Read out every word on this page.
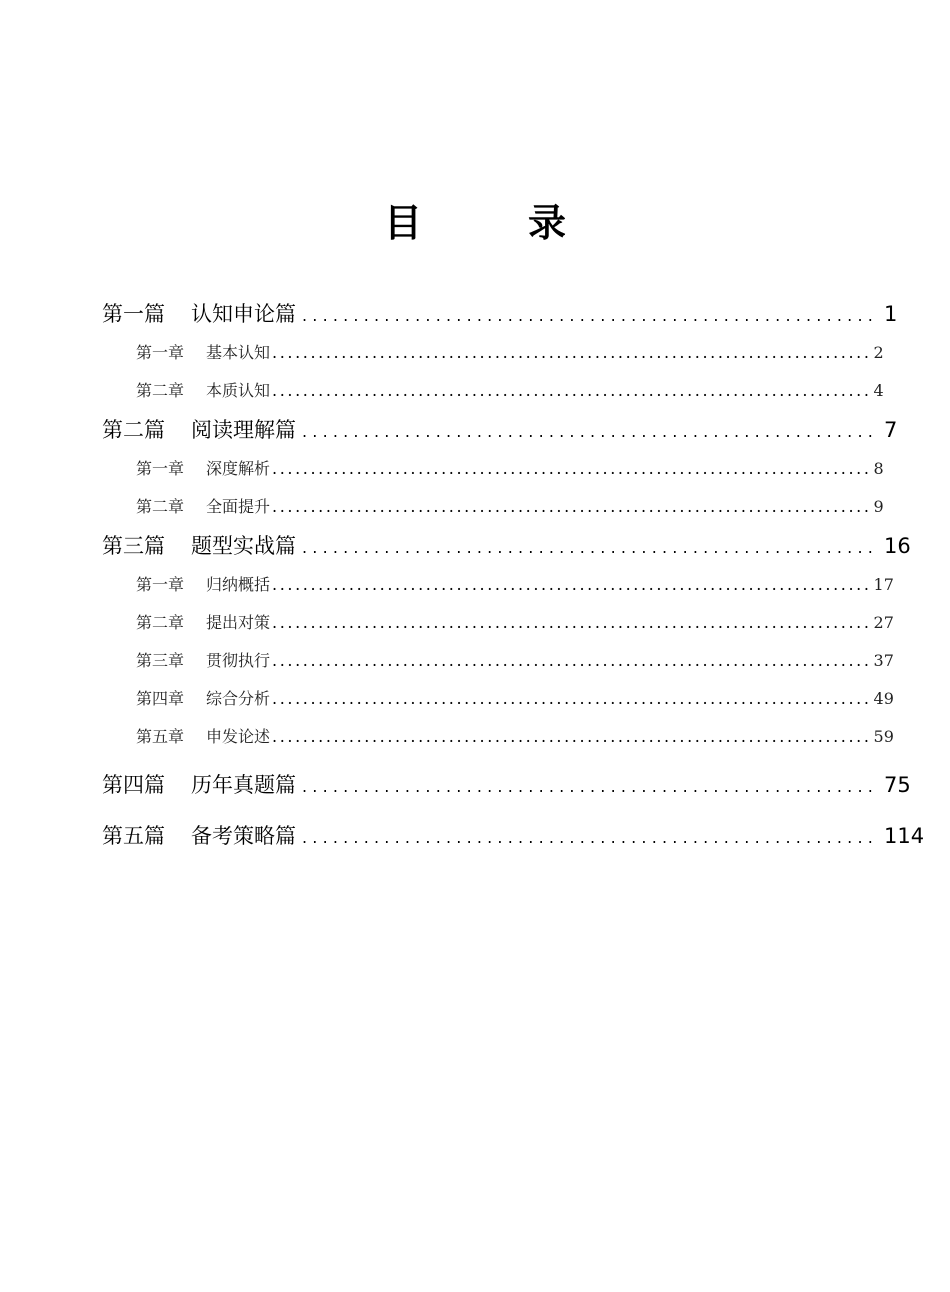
目　录
第一篇 认知申论篇 ........................................................ 1
第一章 基本认知 .............................................................................. 2
第二章 本质认知 .............................................................................. 4
第二篇 阅读理解篇 ........................................................ 7
第一章 深度解析 .............................................................................. 8
第二章 全面提升 .............................................................................. 9
第三篇 题型实战篇 ........................................................ 16
第一章 归纳概括 .............................................................................. 17
第二章 提出对策 .............................................................................. 27
第三章 贯彻执行 .............................................................................. 37
第四章 综合分析 .............................................................................. 49
第五章 申发论述 .............................................................................. 59
第四篇 历年真题篇 ........................................................ 75
第五篇 备考策略篇 ........................................................ 114
